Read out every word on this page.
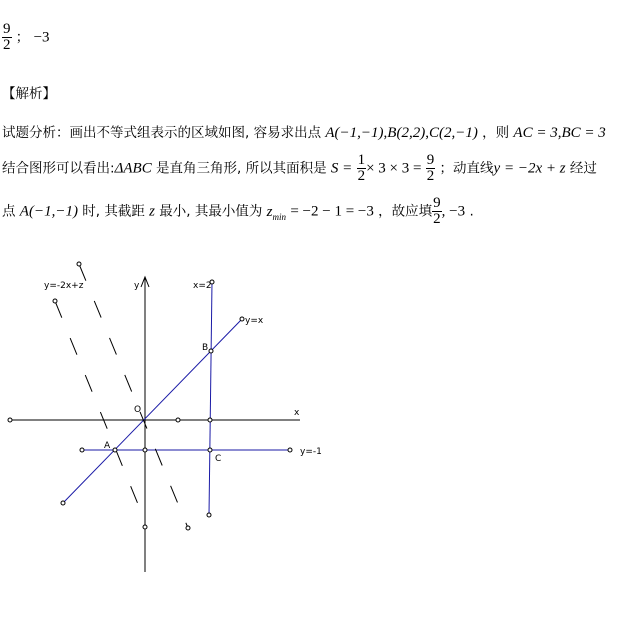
$\frac{9}{2}$ ； −3
【解析】
试题分析：画出不等式组表示的区域如图, 容易求出点 A(−1,−1),B(2,2),C(2,−1) ，则 AC = 3,BC = 3
结合图形可以看出:ΔABC 是直角三角形, 所以其面积是 $S = \frac{1}{2} \times 3 \times 3 = \frac{9}{2}$ ；动直线y = −2x + z 经过
点 A(−1,−1) 时, 其截距 z 最小, 其最小值为 $z_{min} = -2 - 1 = -3$ ，故应填 $\frac{9}{2}$ , −3 .
y=-2x+z	y	x=2
y=x
B
O	x
A
C
y=-1
